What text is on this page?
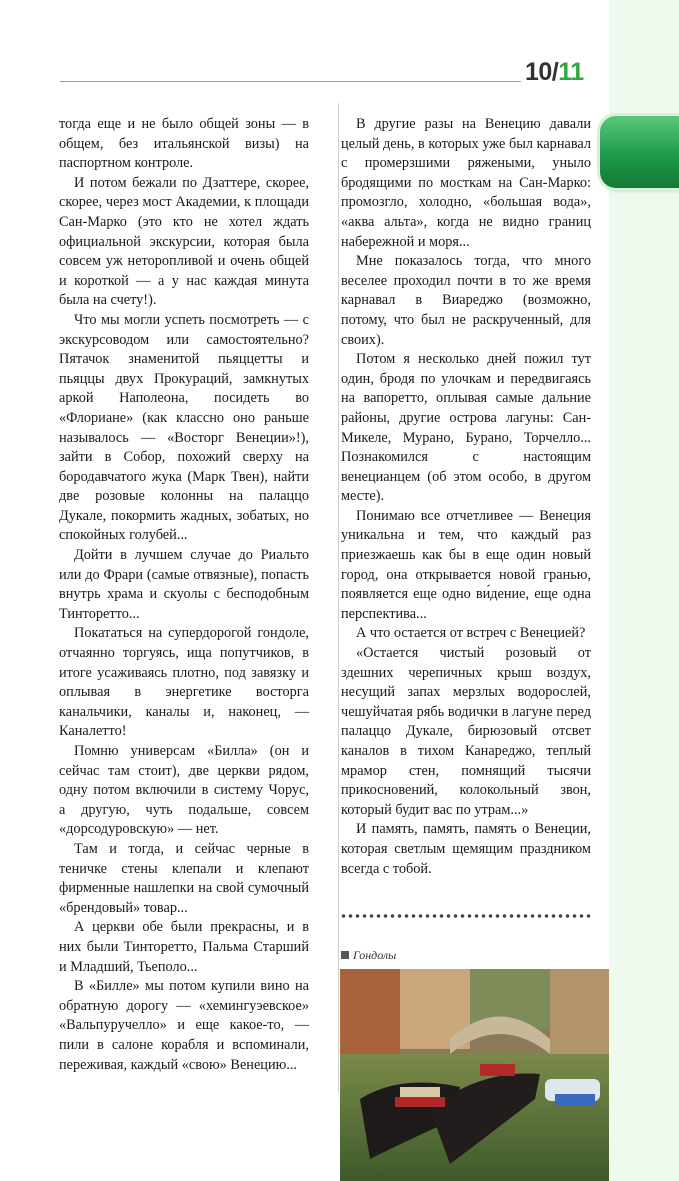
10/11

тогда еще и не было общей зоны — в общем, без итальянской визы) на паспортном контроле.

И потом бежали по Дзаттере, скорее, скорее, через мост Академии, к площади Сан-Марко (это кто не хотел ждать официальной экскурсии, которая была совсем уж неторопливой и очень общей и короткой — а у нас каждая минута была на счету!).

Что мы могли успеть посмотреть — с экскурсоводом или самостоятельно? Пятачок знаменитой пьяццетты и пьяццы двух Прокураций, замкнутых аркой Наполеона, посидеть во «Флориане» (как классно оно раньше называлось — «Восторг Венеции»!), зайти в Собор, похожий сверху на бородавчатого жука (Марк Твен), найти две розовые колонны на палаццо Дукале, покормить жадных, зобатых, но спокойных голубей...

Дойти в лучшем случае до Риальто или до Фрари (самые отвязные), попасть внутрь храма и скуолы с бесподобным Тинторетто...

Покататься на супердорогой гондоле, отчаянно торгуясь, ища попутчиков, в итоге усаживаясь плотно, под завязку и оплывая в энергетике восторга канальчики, каналы и, наконец, — Каналетто!

Помню универсам «Билла» (он и сейчас там стоит), две церкви рядом, одну потом включили в систему Чорус, а другую, чуть подальше, совсем «дорсодуровскую» — нет.

Там и тогда, и сейчас черные в теничке стены клепали и клепают фирменные нашлепки на свой сумочный «брендовый» товар...

А церкви обе были прекрасны, и в них были Тинторетто, Пальма Старший и Младший, Тьеполо...

В «Билле» мы потом купили вино на обратную дорогу — «хемингуэевское» «Вальпуручелло» и еще какое-то, — пили в салоне корабля и вспоминали, переживая, каждый «свою» Венецию...

В другие разы на Венецию давали целый день, в которых уже был карнавал с промерзшими ряжеными, уныло бродящими по мосткам на Сан-Марко: промозгло, холодно, «большая вода», «аква альта», когда не видно границ набережной и моря...

Мне показалось тогда, что много веселее проходил почти в то же время карнавал в Виареджо (возможно, потому, что был не раскрученный, для своих).

Потом я несколько дней пожил тут один, бродя по улочкам и передвигаясь на вапоретто, оплывая самые дальние районы, другие острова лагуны: Сан-Микеле, Мурано, Бурано, Торчелло... Познакомился с настоящим венецианцем (об этом особо, в другом месте).

Понимаю все отчетливее — Венеция уникальна и тем, что каждый раз приезжаешь как бы в еще один новый город, она открывается новой гранью, появляется еще одно ви́дение, еще одна перспектива...

А что остается от встреч с Венецией?

«Остается чистый розовый от здешних черепичных крыш воздух, несущий запах мерзлых водорослей, чешуйчатая рябь водички в лагуне перед палаццо Дукале, бирюзовый отсвет каналов в тихом Канареджо, теплый мрамор стен, помнящий тысячи прикосновений, колокольный звон, который будит вас по утрам...»

И память, память, память о Венеции, которая светлым щемящим праздником всегда с тобой.

Гондолы
